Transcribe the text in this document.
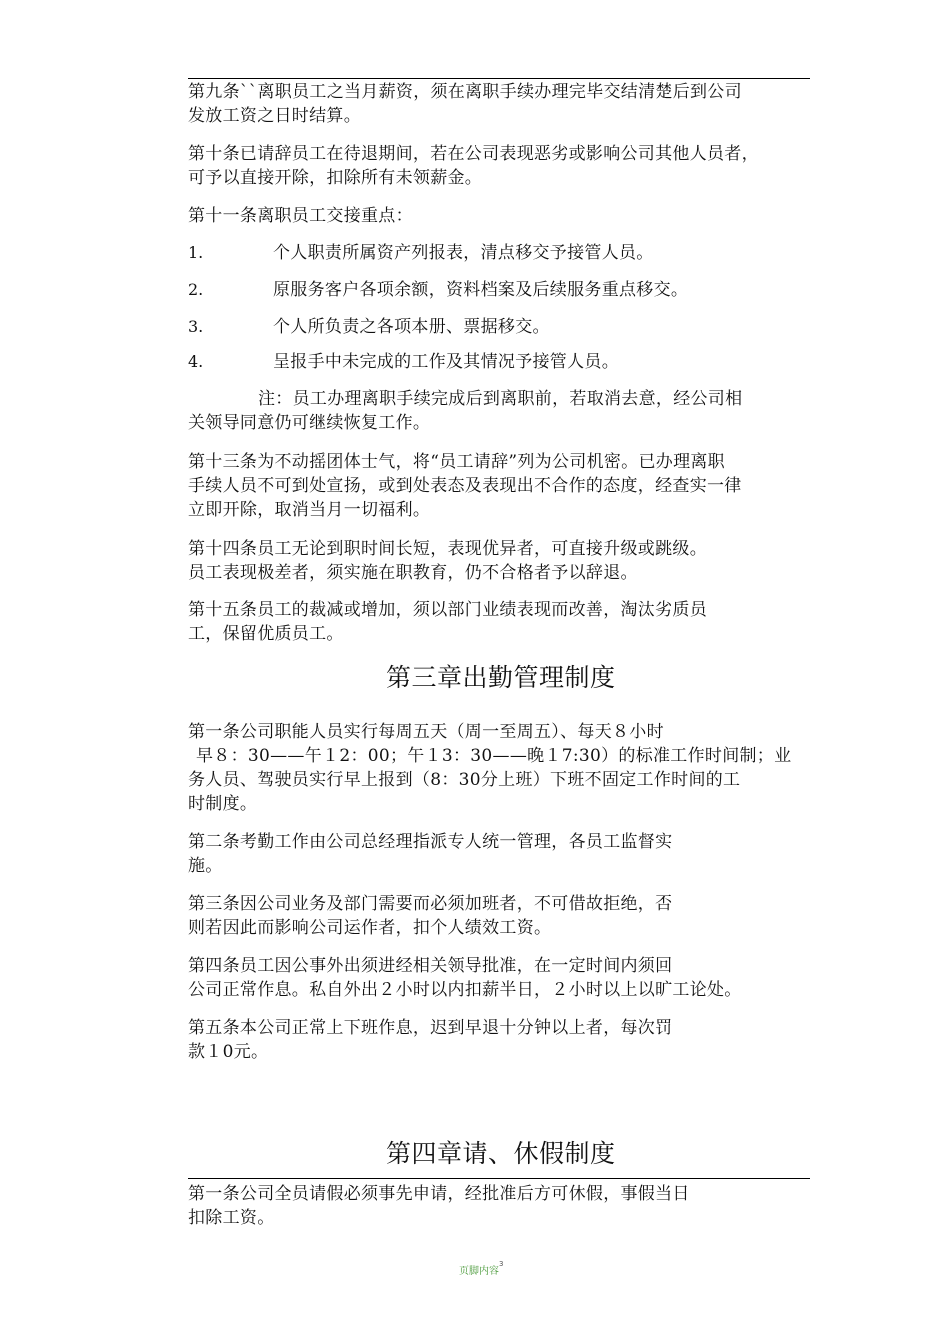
第九条``离职员工之当月薪资，须在离职手续办理完毕交结清楚后到公司
发放工资之日时结算。
第十条已请辞员工在待退期间，若在公司表现恶劣或影响公司其他人员者，
可予以直接开除，扣除所有未领薪金。
第十一条离职员工交接重点：
1.	个人职责所属资产列报表，清点移交予接管人员。
2.	原服务客户各项余额，资料档案及后续服务重点移交。
3.	个人所负责之各项本册、票据移交。
4.	呈报手中未完成的工作及其情况予接管人员。
注：员工办理离职手续完成后到离职前，若取消去意，经公司相
关领导同意仍可继续恢复工作。
第十三条为不动摇团体士气，将“员工请辞”列为公司机密。已办理离职
手续人员不可到处宣扬，或到处表态及表现出不合作的态度，经查实一律
立即开除，取消当月一切福利。
第十四条员工无论到职时间长短，表现优异者，可直接升级或跳级。
员工表现极差者，须实施在职教育，仍不合格者予以辞退。
第十五条员工的裁减或增加，须以部门业绩表现而改善，淘汰劣质员
工，保留优质员工。
第三章出勤管理制度
第一条公司职能人员实行每周五天（周一至周五）、每天８小时
早８：30——午１2：00；午１3：30——晚１7:30）的标准工作时间制；业
务人员、驾驶员实行早上报到（8：30分上班）下班不固定工作时间的工
时制度。
第二条考勤工作由公司总经理指派专人统一管理，各员工监督实
施。
第三条因公司业务及部门需要而必须加班者，不可借故拒绝，否
则若因此而影响公司运作者，扣个人绩效工资。
第四条员工因公事外出须进经相关领导批准，在一定时间内须回
公司正常作息。私自外出２小时以内扣薪半日，２小时以上以旷工论处。
第五条本公司正常上下班作息，迟到早退十分钟以上者，每次罚
款１0元。
第四章请、休假制度
第一条公司全员请假必须事先申请，经批准后方可休假，事假当日
扣除工资。
页脚内容$^3$
